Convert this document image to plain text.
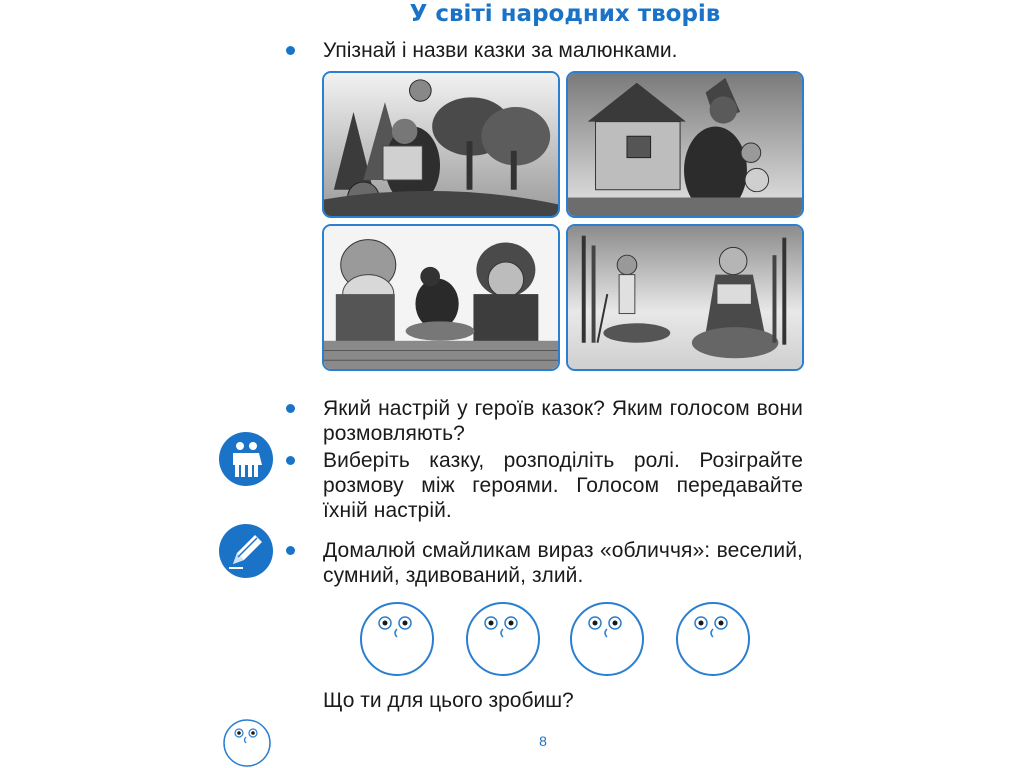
У світі народних творів
Упізнай і назви казки за малюнками.
Який настрій у героїв казок? Яким голосом вони розмовляють?
Виберіть казку, розподіліть ролі. Розіграйте розмову між героями. Голосом передавайте їхній настрій.
Домалюй смайликам вираз «обличчя»: веселий, сумний, здивований, злий.
Що ти для цього зробиш?
8
